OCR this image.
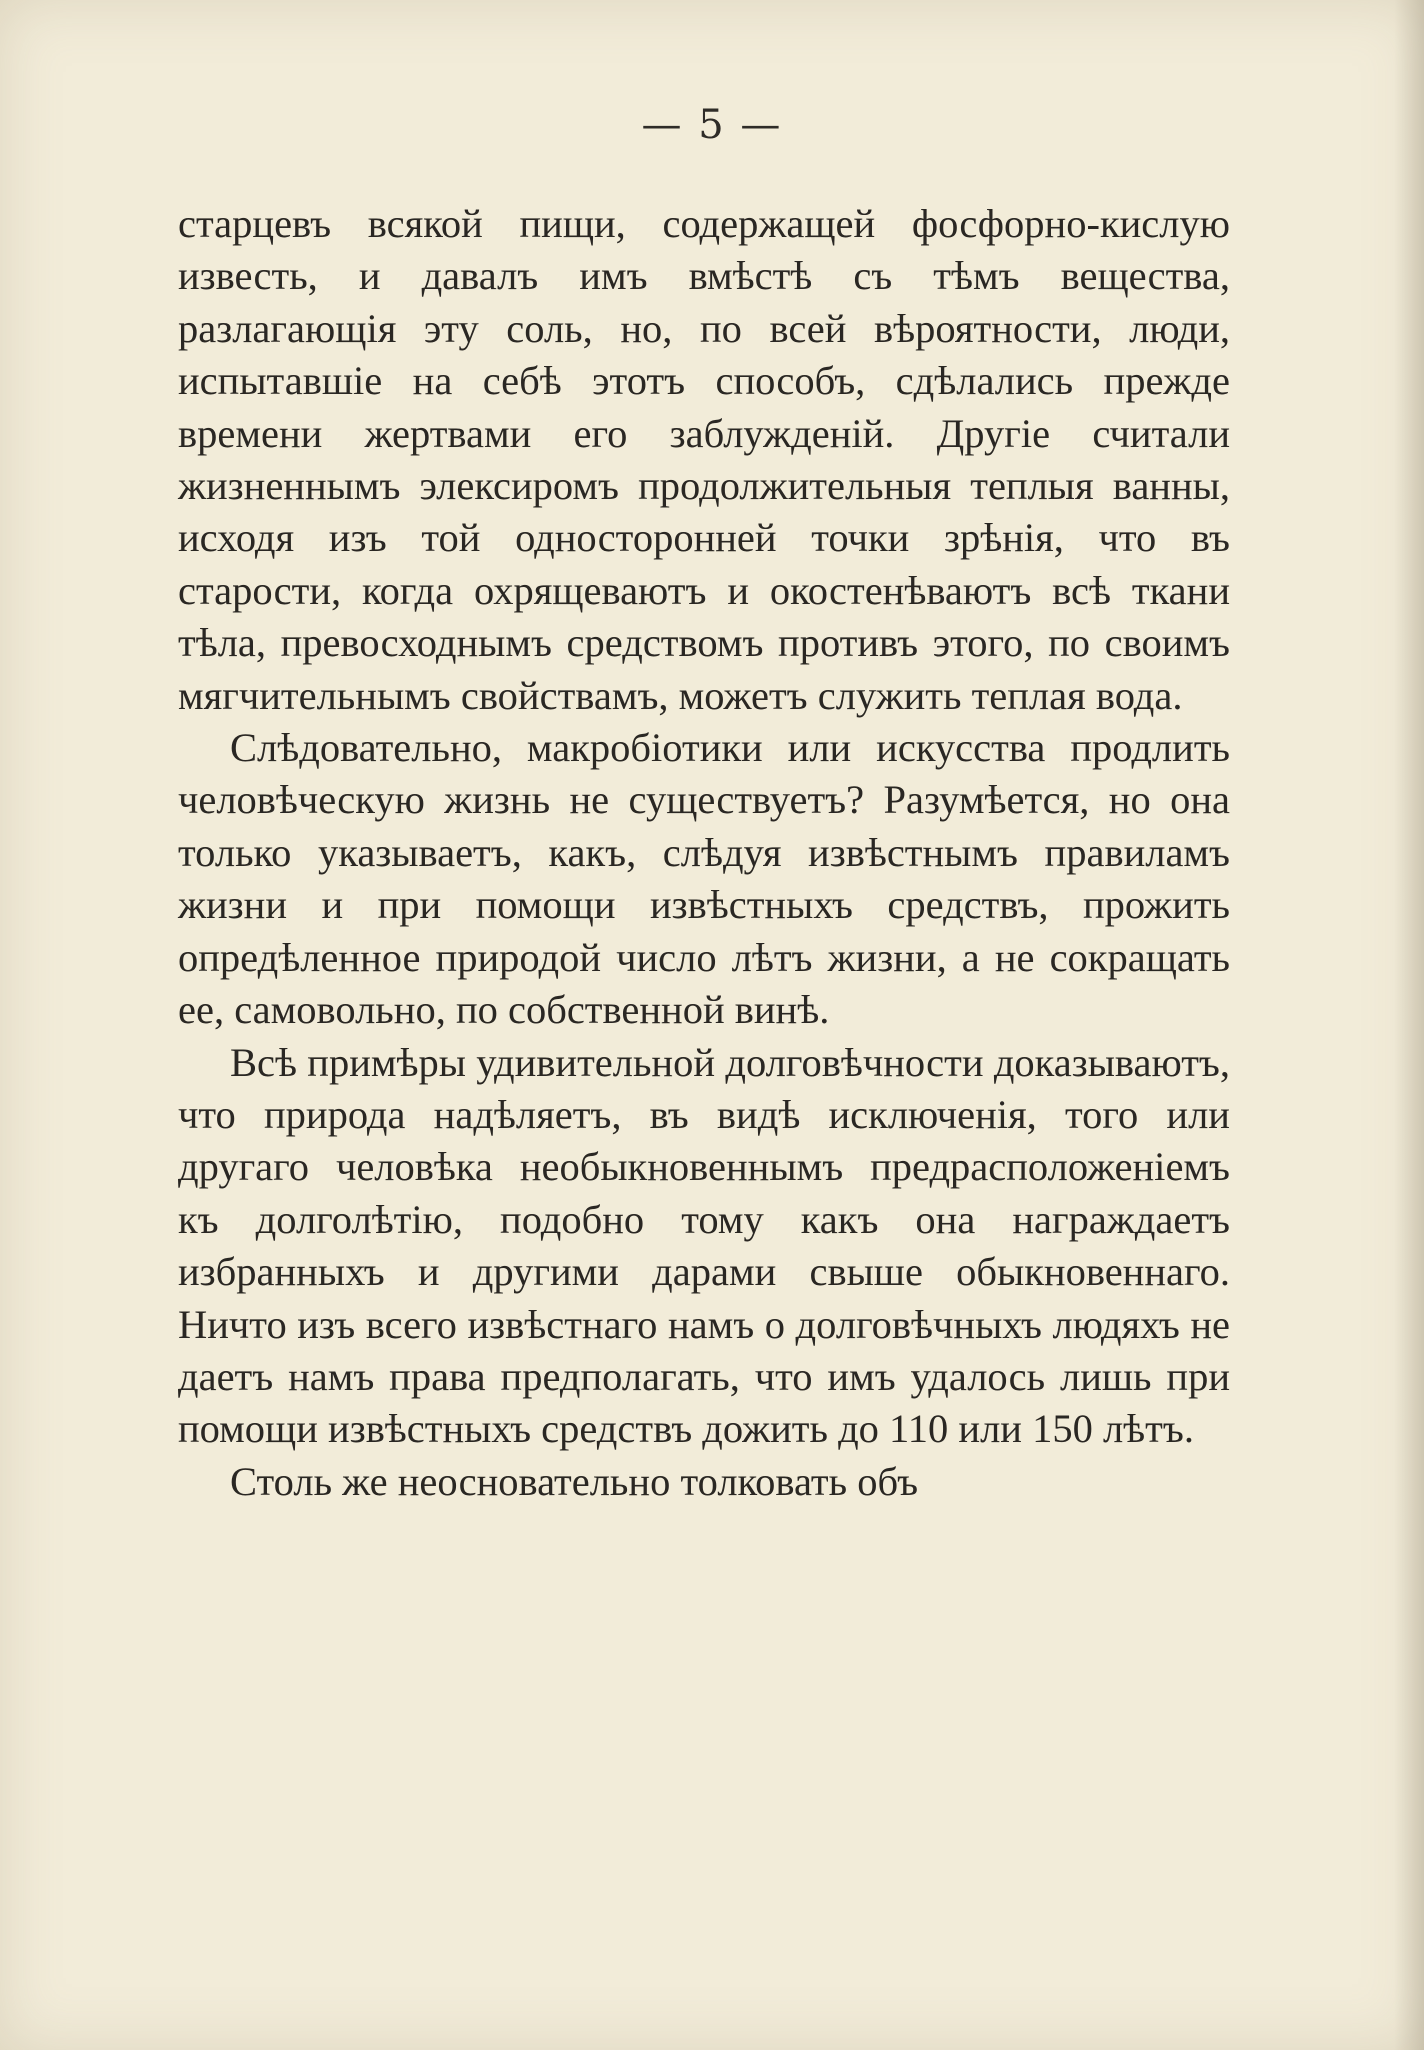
— 5 —

старцевъ всякой пищи, содержащей фосфорно-кислую известь, и давалъ имъ вмѣстѣ съ тѣмъ вещества, разлагающія эту соль, но, по всей вѣроятности, люди, испытавшіе на себѣ этотъ способъ, сдѣлались прежде времени жертвами его заблужденій. Другіе считали жизненнымъ элексиромъ продолжительныя теплыя ванны, исходя изъ той односторонней точки зрѣнія, что въ старости, когда охрящеваютъ и окостенѣваютъ всѣ ткани тѣла, превосходнымъ средствомъ противъ этого, по своимъ мягчительнымъ свойствамъ, можетъ служить теплая вода.

Слѣдовательно, макробіотики или искусства продлить человѣческую жизнь не существуетъ? Разумѣется, но она только указываетъ, какъ, слѣдуя извѣстнымъ правиламъ жизни и при помощи извѣстныхъ средствъ, прожить опредѣленное природой число лѣтъ жизни, а не сокращать ее, самовольно, по собственной винѣ.

Всѣ примѣры удивительной долговѣчности доказываютъ, что природа надѣляетъ, въ видѣ исключенія, того или другаго человѣка необыкновеннымъ предрасположеніемъ къ долголѣтію, подобно тому какъ она награждаетъ избранныхъ и другими дарами свыше обыкновеннаго. Ничто изъ всего извѣстнаго намъ о долговѣчныхъ людяхъ не даетъ намъ права предполагать, что имъ удалось лишь при помощи извѣстныхъ средствъ дожить до 110 или 150 лѣтъ.

Столь же неосновательно толковать объ
